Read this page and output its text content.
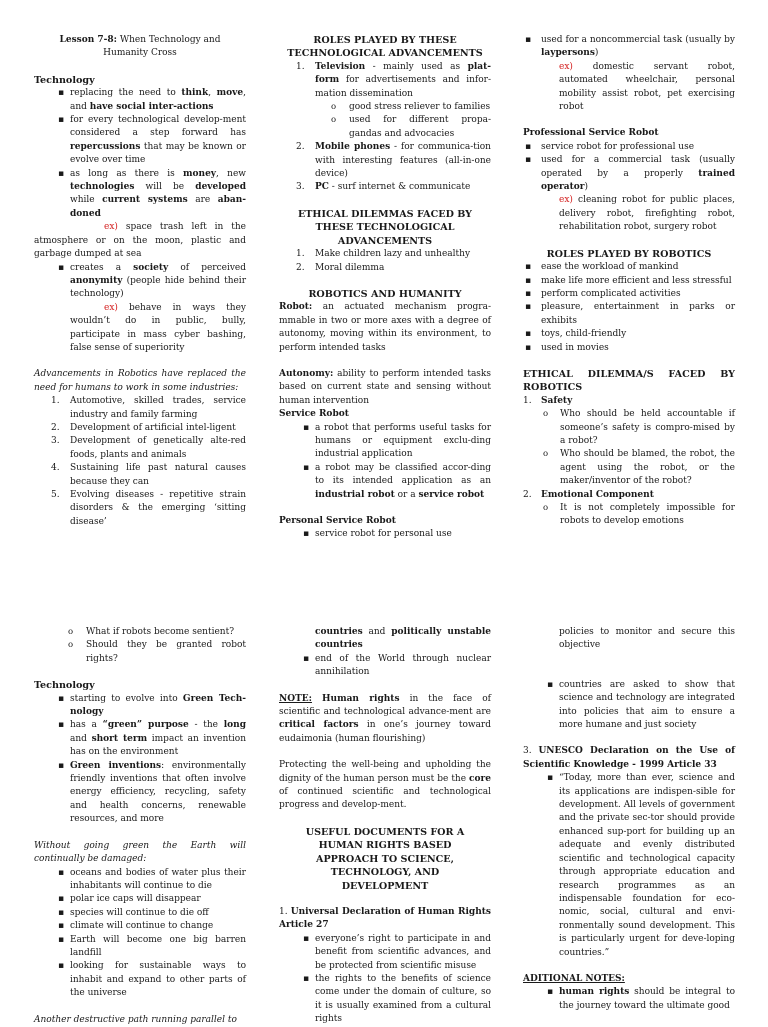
Lesson 7-8: When Technology and Humanity Cross

Technology

▪ replacing the need to think, move, and have social inter-actions
▪ for every technological develop-ment considered a step forward has repercussions that may be known or evolve over time
▪ as long as there is money, new technologies will be developed while current systems are aban-doned

ex) space trash left in the atmosphere or on the moon, plastic and garbage dumped at sea

▪ creates a society of perceived anonymity (people hide behind their technology)

ex) behave in ways they wouldn’t do in public, bully, participate in mass cyber bashing, false sense of superiority

Advancements in Robotics have replaced the need for humans to work in some industries:

1. Automotive, skilled trades, service industry and family farming
2. Development of artificial intel-ligent
3. Development of genetically alte-red foods, plants and animals
4. Sustaining life past natural causes because they can
5. Evolving diseases - repetitive strain disorders & the emerging ‘sitting disease’

ROLES PLAYED BY THESE TECHNOLOGICAL ADVANCEMENTS

1. Television - mainly used as plat-form for advertisements and infor-mation dissemination
o good stress reliever to families
o used for different propa-gandas and advocacies
2. Mobile phones - for communica-tion with interesting features (all-in-one device)
3. PC - surf internet & communicate

ETHICAL DILEMMAS FACED BY THESE TECHNOLOGICAL ADVANCEMENTS

1. Make children lazy and unhealthy
2. Moral dilemma

ROBOTICS AND HUMANITY

Robot: an actuated mechanism progra-mmable in two or more axes with a degree of autonomy, moving within its environment, to perform intended tasks

Autonomy: ability to perform intended tasks based on current state and sensing without human intervention

Service Robot

▪ a robot that performs useful tasks for humans or equipment exclu-ding industrial application
▪ a robot may be classified accor-ding to its intended application as an industrial robot or a service robot

Personal Service Robot

▪ service robot for personal use
▪ used for a noncommercial task (usually by laypersons)

ex) domestic servant robot, automated wheelchair, personal mobility assist robot, pet exercising robot

Professional Service Robot

▪ service robot for professional use
▪ used for a commercial task (usually operated by a properly trained operator)

ex) cleaning robot for public places, delivery robot, firefighting robot, rehabilitation robot, surgery robot

ROLES PLAYED BY ROBOTICS

▪ ease the workload of mankind
▪ make life more efficient and less stressful
▪ perform complicated activities
▪ pleasure, entertainment in parks or exhibits
▪ toys, child-friendly
▪ used in movies

ETHICAL DILEMMA/S FACED BY ROBOTICS

1. Safety
o Who should be held accountable if someone’s safety is compro-mised by a robot?
o Who should be blamed, the robot, the agent using the robot, or the maker/inventor of the robot?
2. Emotional Component
o It is not completely impossible for robots to develop emotions
o What if robots become sentient?
o Should they be granted robot rights?

Technology

▪ starting to evolve into Green Tech-nology
▪ has a “green” purpose - the long and short term impact an invention has on the environment
▪ Green inventions: environmentally friendly inventions that often involve energy efficiency, recycling, safety and health concerns, renewable resources, and more

Without going green the Earth will continually be damaged:

▪ oceans and bodies of water plus their inhabitants will continue to die
▪ polar ice caps will disappear
▪ species will continue to die off
▪ climate will continue to change
▪ Earth will become one big barren landfill
▪ looking for sustainable ways to inhabit and expand to other parts of the universe

Another destructive path running parallel to

countries and politically unstable countries

▪ end of the World through nuclear annihilation

NOTE: Human rights in the face of scientific and technological advance-ment are critical factors in one’s journey toward eudaimonia (human flourishing)

Protecting the well-being and upholding the dignity of the human person must be the core of continued scientific and technological progress and develop-ment.

USEFUL DOCUMENTS FOR A HUMAN RIGHTS BASED APPROACH TO SCIENCE, TECHNOLOGY, AND DEVELOPMENT

1. Universal Declaration of Human Rights Article 27

▪ everyone’s right to participate in and benefit from scientific advances, and be protected from scientific misuse
▪ the rights to the benefits of science come under the domain of culture, so it is usually examined from a cultural rights

policies to monitor and secure this objective

▪ countries are asked to show that science and technology are integrated into policies that aim to ensure a more humane and just society

3. UNESCO Declaration on the Use of Scientific Knowledge - 1999 Article 33

▪ “Today, more than ever, science and its applications are indispen-sible for development. All levels of government and the private sec-tor should provide enhanced sup-port for building up an adequate and evenly distributed scientific and technological capacity through appropriate education and research programmes as an indispensable foundation for eco-nomic, social, cultural and envi-ronmentally sound development. This is particularly urgent for deve-loping countries.”

ADITIONAL NOTES:

▪ human rights should be integral to the journey toward the ultimate good
